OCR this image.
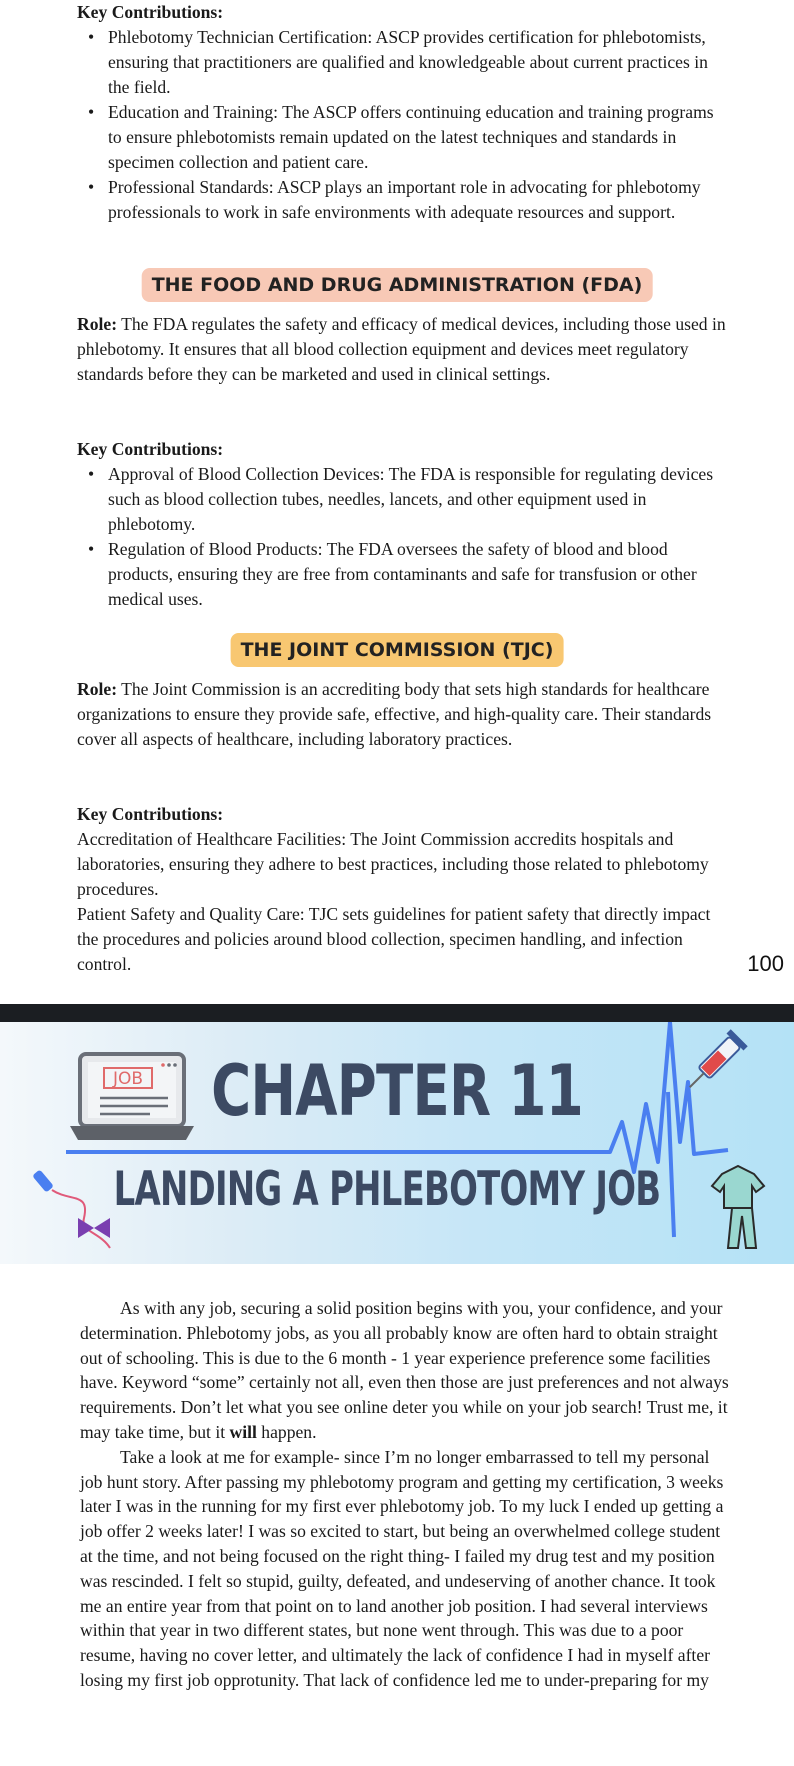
Key Contributions:
• Phlebotomy Technician Certification: ASCP provides certification for phlebotomists, ensuring that practitioners are qualified and knowledgeable about current practices in the field.
• Education and Training: The ASCP offers continuing education and training programs to ensure phlebotomists remain updated on the latest techniques and standards in specimen collection and patient care.
• Professional Standards: ASCP plays an important role in advocating for phlebotomy professionals to work in safe environments with adequate resources and support.
THE FOOD AND DRUG ADMINISTRATION (FDA)
Role: The FDA regulates the safety and efficacy of medical devices, including those used in phlebotomy. It ensures that all blood collection equipment and devices meet regulatory standards before they can be marketed and used in clinical settings.
Key Contributions:
• Approval of Blood Collection Devices: The FDA is responsible for regulating devices such as blood collection tubes, needles, lancets, and other equipment used in phlebotomy.
• Regulation of Blood Products: The FDA oversees the safety of blood and blood products, ensuring they are free from contaminants and safe for transfusion or other medical uses.
THE JOINT COMMISSION (TJC)
Role: The Joint Commission is an accrediting body that sets high standards for healthcare organizations to ensure they provide safe, effective, and high-quality care. Their standards cover all aspects of healthcare, including laboratory practices.
Key Contributions:
Accreditation of Healthcare Facilities: The Joint Commission accredits hospitals and laboratories, ensuring they adhere to best practices, including those related to phlebotomy procedures.
Patient Safety and Quality Care: TJC sets guidelines for patient safety that directly impact the procedures and policies around blood collection, specimen handling, and infection control.	100
JOB CHAPTER 11
LANDING A PHLEBOTOMY JOB

As with any job, securing a solid position begins with you, your confidence, and your determination. Phlebotomy jobs, as you all probably know are often hard to obtain straight out of schooling. This is due to the 6 month - 1 year experience preference some facilities have. Keyword “some” certainly not all, even then those are just preferences and not always requirements. Don’t let what you see online deter you while on your job search! Trust me, it may take time, but it will happen.

Take a look at me for example- since I’m no longer embarrassed to tell my personal job hunt story. After passing my phlebotomy program and getting my certification, 3 weeks later I was in the running for my first ever phlebotomy job. To my luck I ended up getting a job offer 2 weeks later! I was so excited to start, but being an overwhelmed college student at the time, and not being focused on the right thing- I failed my drug test and my position was rescinded. I felt so stupid, guilty, defeated, and undeserving of another chance. It took me an entire year from that point on to land another job position. I had several interviews within that year in two different states, but none went through. This was due to a poor resume, having no cover letter, and ultimately the lack of confidence I had in myself after losing my first job opprotunity. That lack of confidence led me to under-preparing for my
